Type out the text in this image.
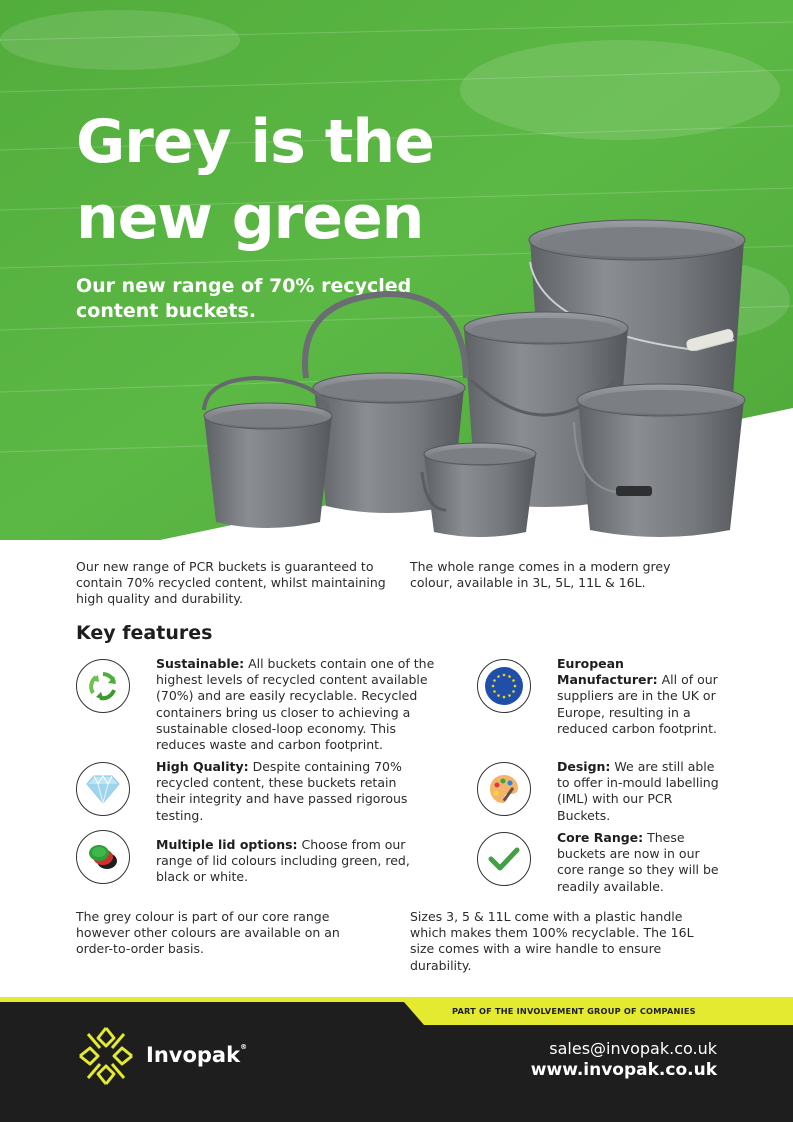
Grey is the
new green

Our new range of 70% recycled
content buckets.

Our new range of PCR buckets is guaranteed to contain 70% recycled content, whilst maintaining high quality and durability.

The whole range comes in a modern grey colour, available in 3L, 5L, 11L & 16L.

Key features

Sustainable: All buckets contain one of the highest levels of recycled content available (70%) and are easily recyclable. Recycled containers bring us closer to achieving a sustainable closed-loop economy. This reduces waste and carbon footprint.

European Manufacturer: All of our suppliers are in the UK or Europe, resulting in a reduced carbon footprint.

High Quality: Despite containing 70% recycled content, these buckets retain their integrity and have passed rigorous testing.

Design: We are still able to offer in-mould labelling (IML) with our PCR Buckets.

Multiple lid options: Choose from our range of lid colours including green, red, black or white.

Core Range: These buckets are now in our core range so they will be readily available.

The grey colour is part of our core range however other colours are available on an order-to-order basis.

Sizes 3, 5 & 11L come with a plastic handle which makes them 100% recyclable. The 16L size comes with a wire handle to ensure durability.

PART OF THE INVOLVEMENT GROUP OF COMPANIES
Invopak®	sales@invopak.co.uk
www.invopak.co.uk
